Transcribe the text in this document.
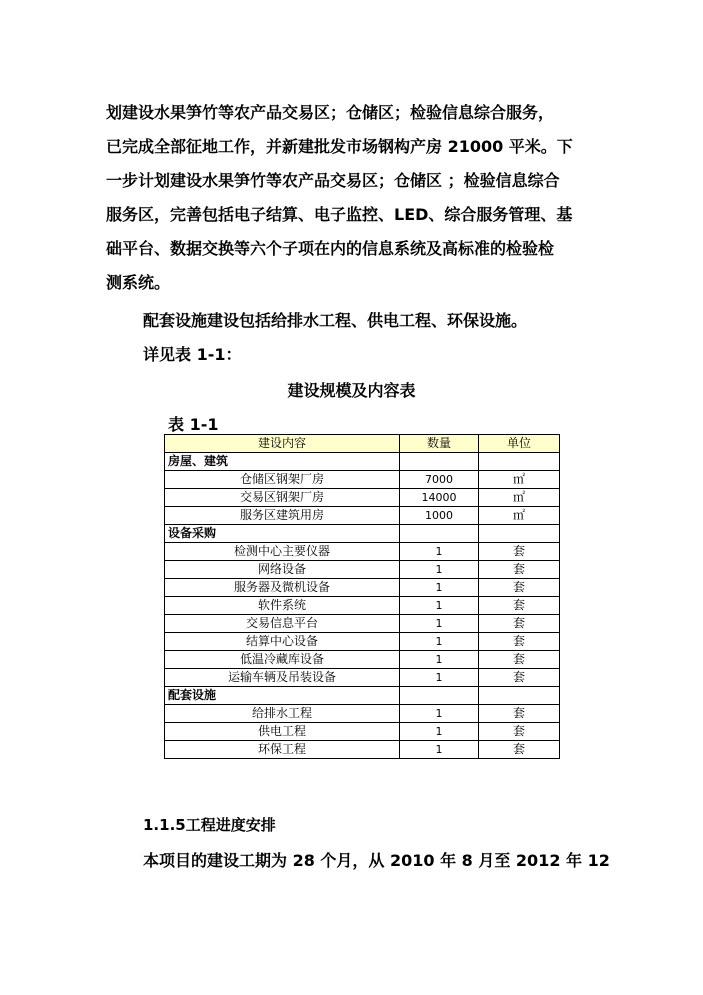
划建设水果笋竹等农产品交易区；仓储区；检验信息综合服务，
已完成全部征地工作，并新建批发市场钢构产房 21000 平米。下
一步计划建设水果笋竹等农产品交易区；仓储区 ；检验信息综合
服务区，完善包括电子结算、电子监控、LED、综合服务管理、基
础平台、数据交换等六个子项在内的信息系统及高标准的检验检
测系统。
配套设施建设包括给排水工程、供电工程、环保设施。
详见表 1-1：
建设规模及内容表
表 1-1
建设内容	数量	单位
房屋、建筑		
仓储区钢架厂房	7000	㎡
交易区钢架厂房	14000	㎡
服务区建筑用房	1000	㎡
设备采购		
检测中心主要仪器	1	套
网络设备	1	套
服务器及微机设备	1	套
软件系统	1	套
交易信息平台	1	套
结算中心设备	1	套
低温冷藏库设备	1	套
运输车辆及吊装设备	1	套
配套设施		
给排水工程	1	套
供电工程	1	套
环保工程	1	套
1.1.5工程进度安排
本项目的建设工期为 28 个月，从 2010 年 8 月至 2012 年 12
